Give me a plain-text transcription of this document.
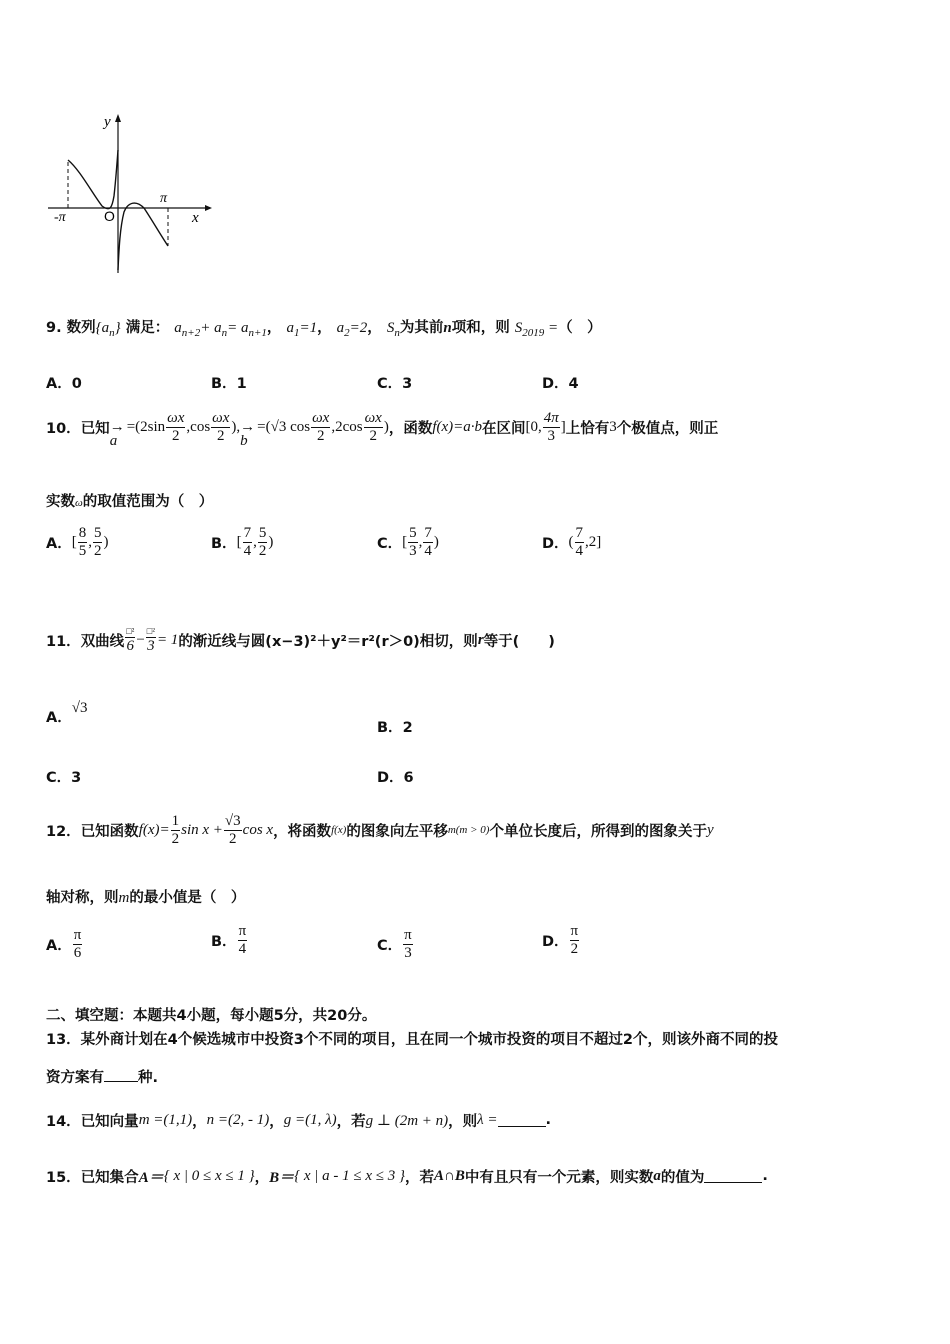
y
x
O
-π
π
9. 数列$\{a_n\}$ 满足： $a_{n+2}+ a_n= a_{n+1}$， $a_1=1$， $a_2=2$， $S_n$为其前n项和，则 $S_{2019}$ =（　）
A．0	B．1	C．3	D．4
10． 已知 →
a
$=(2\sin \frac{\omega x}{2} ,\cos \frac{\omega x}{2}$ ), →
b
=(√3 $\cos \frac{\omega x}{2} ,2\cos \frac{\omega x}{2}$ ) ，函数 f(x)=a·b 在区间 [0, $\frac{4\pi}{3}$ ] 上恰有 3 个极值点，则正
实数ω的取值范围为（　）
A． [ $\frac{8}{5}$ , $\frac{5}{2}$ )	B． [ $\frac{7}{4}$ , $\frac{5}{2}$ )	C． [ $\frac{5}{3}$ , $\frac{7}{4}$ )	D． ( $\frac{7}{4} ,2$]
11． 双曲线 $\frac{\text{□²}}{6} - \frac{\text{□²}}{3} = 1$ 的渐近线与圆(x−3)²＋y²＝r²(r＞0)相切，则 r 等于(　　)
A．√3
B．2
C．3	D．6
12． 已知函数 $f(x)= \frac{1}{2}$ $\sin x + \frac{√3}{2}$ cos x ，将函数 f(x) 的图象向左平移 m(m > 0) 个单位长度后，所得到的图象关于 y
轴对称，则m的最小值是（　）
A． $\frac{\pi}{6}$	B． $\frac{\pi}{4}$	C． $\frac{\pi}{3}$	D． $\frac{\pi}{2}$
二、填空题：本题共4小题，每小题5分，共20分。
13．某外商计划在4个候选城市中投资3个不同的项目，且在同一个城市投资的项目不超过2个，则该外商不同的投
资方案有 种.
14． 已知向量 m =(1,1) ， n =(2, - 1) ， g =(1, λ) ，若 g ⊥ (2m + n) ，则 λ =	.
15． 已知集合 A＝ { x | 0 ≤ x ≤ 1 } ， B＝ { x | a - 1 ≤ x ≤ 3 } ，若 A∩B 中有且只有一个元素，则实数 a 的值为	.
